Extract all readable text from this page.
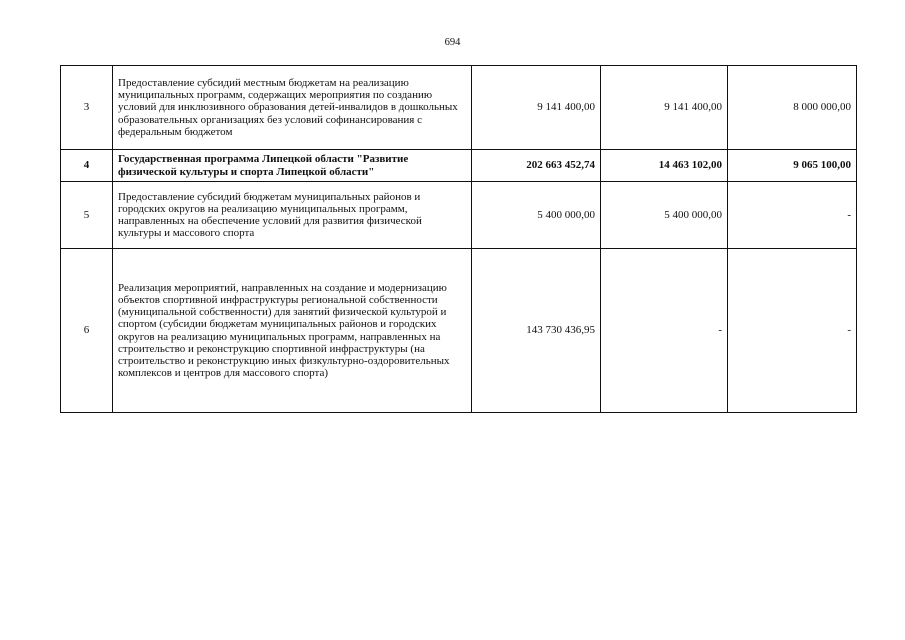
694
3	Предоставление субсидий местным бюджетам на реализацию муниципальных программ, содержащих мероприятия по созданию условий для инклюзивного образования детей-инвалидов в дошкольных образовательных организациях без условий софинансирования с федеральным бюджетом	9 141 400,00	9 141 400,00	8 000 000,00
4	Государственная программа Липецкой области "Развитие физической культуры и спорта Липецкой области"	202 663 452,74	14 463 102,00	9 065 100,00
5	Предоставление субсидий бюджетам муниципальных районов и городских округов на реализацию муниципальных программ, направленных на обеспечение условий для развития физической культуры и массового спорта	5 400 000,00	5 400 000,00	-
6	Реализация мероприятий, направленных на создание и модернизацию объектов спортивной инфраструктуры региональной собственности (муниципальной собственности) для занятий физической культурой и спортом (субсидии бюджетам муниципальных районов и городских округов на реализацию муниципальных программ, направленных на строительство и реконструкцию спортивной инфраструктуры (на строительство и реконструкцию иных физкультурно-оздоровительных комплексов и центров для массового спорта)	143 730 436,95	-	-
